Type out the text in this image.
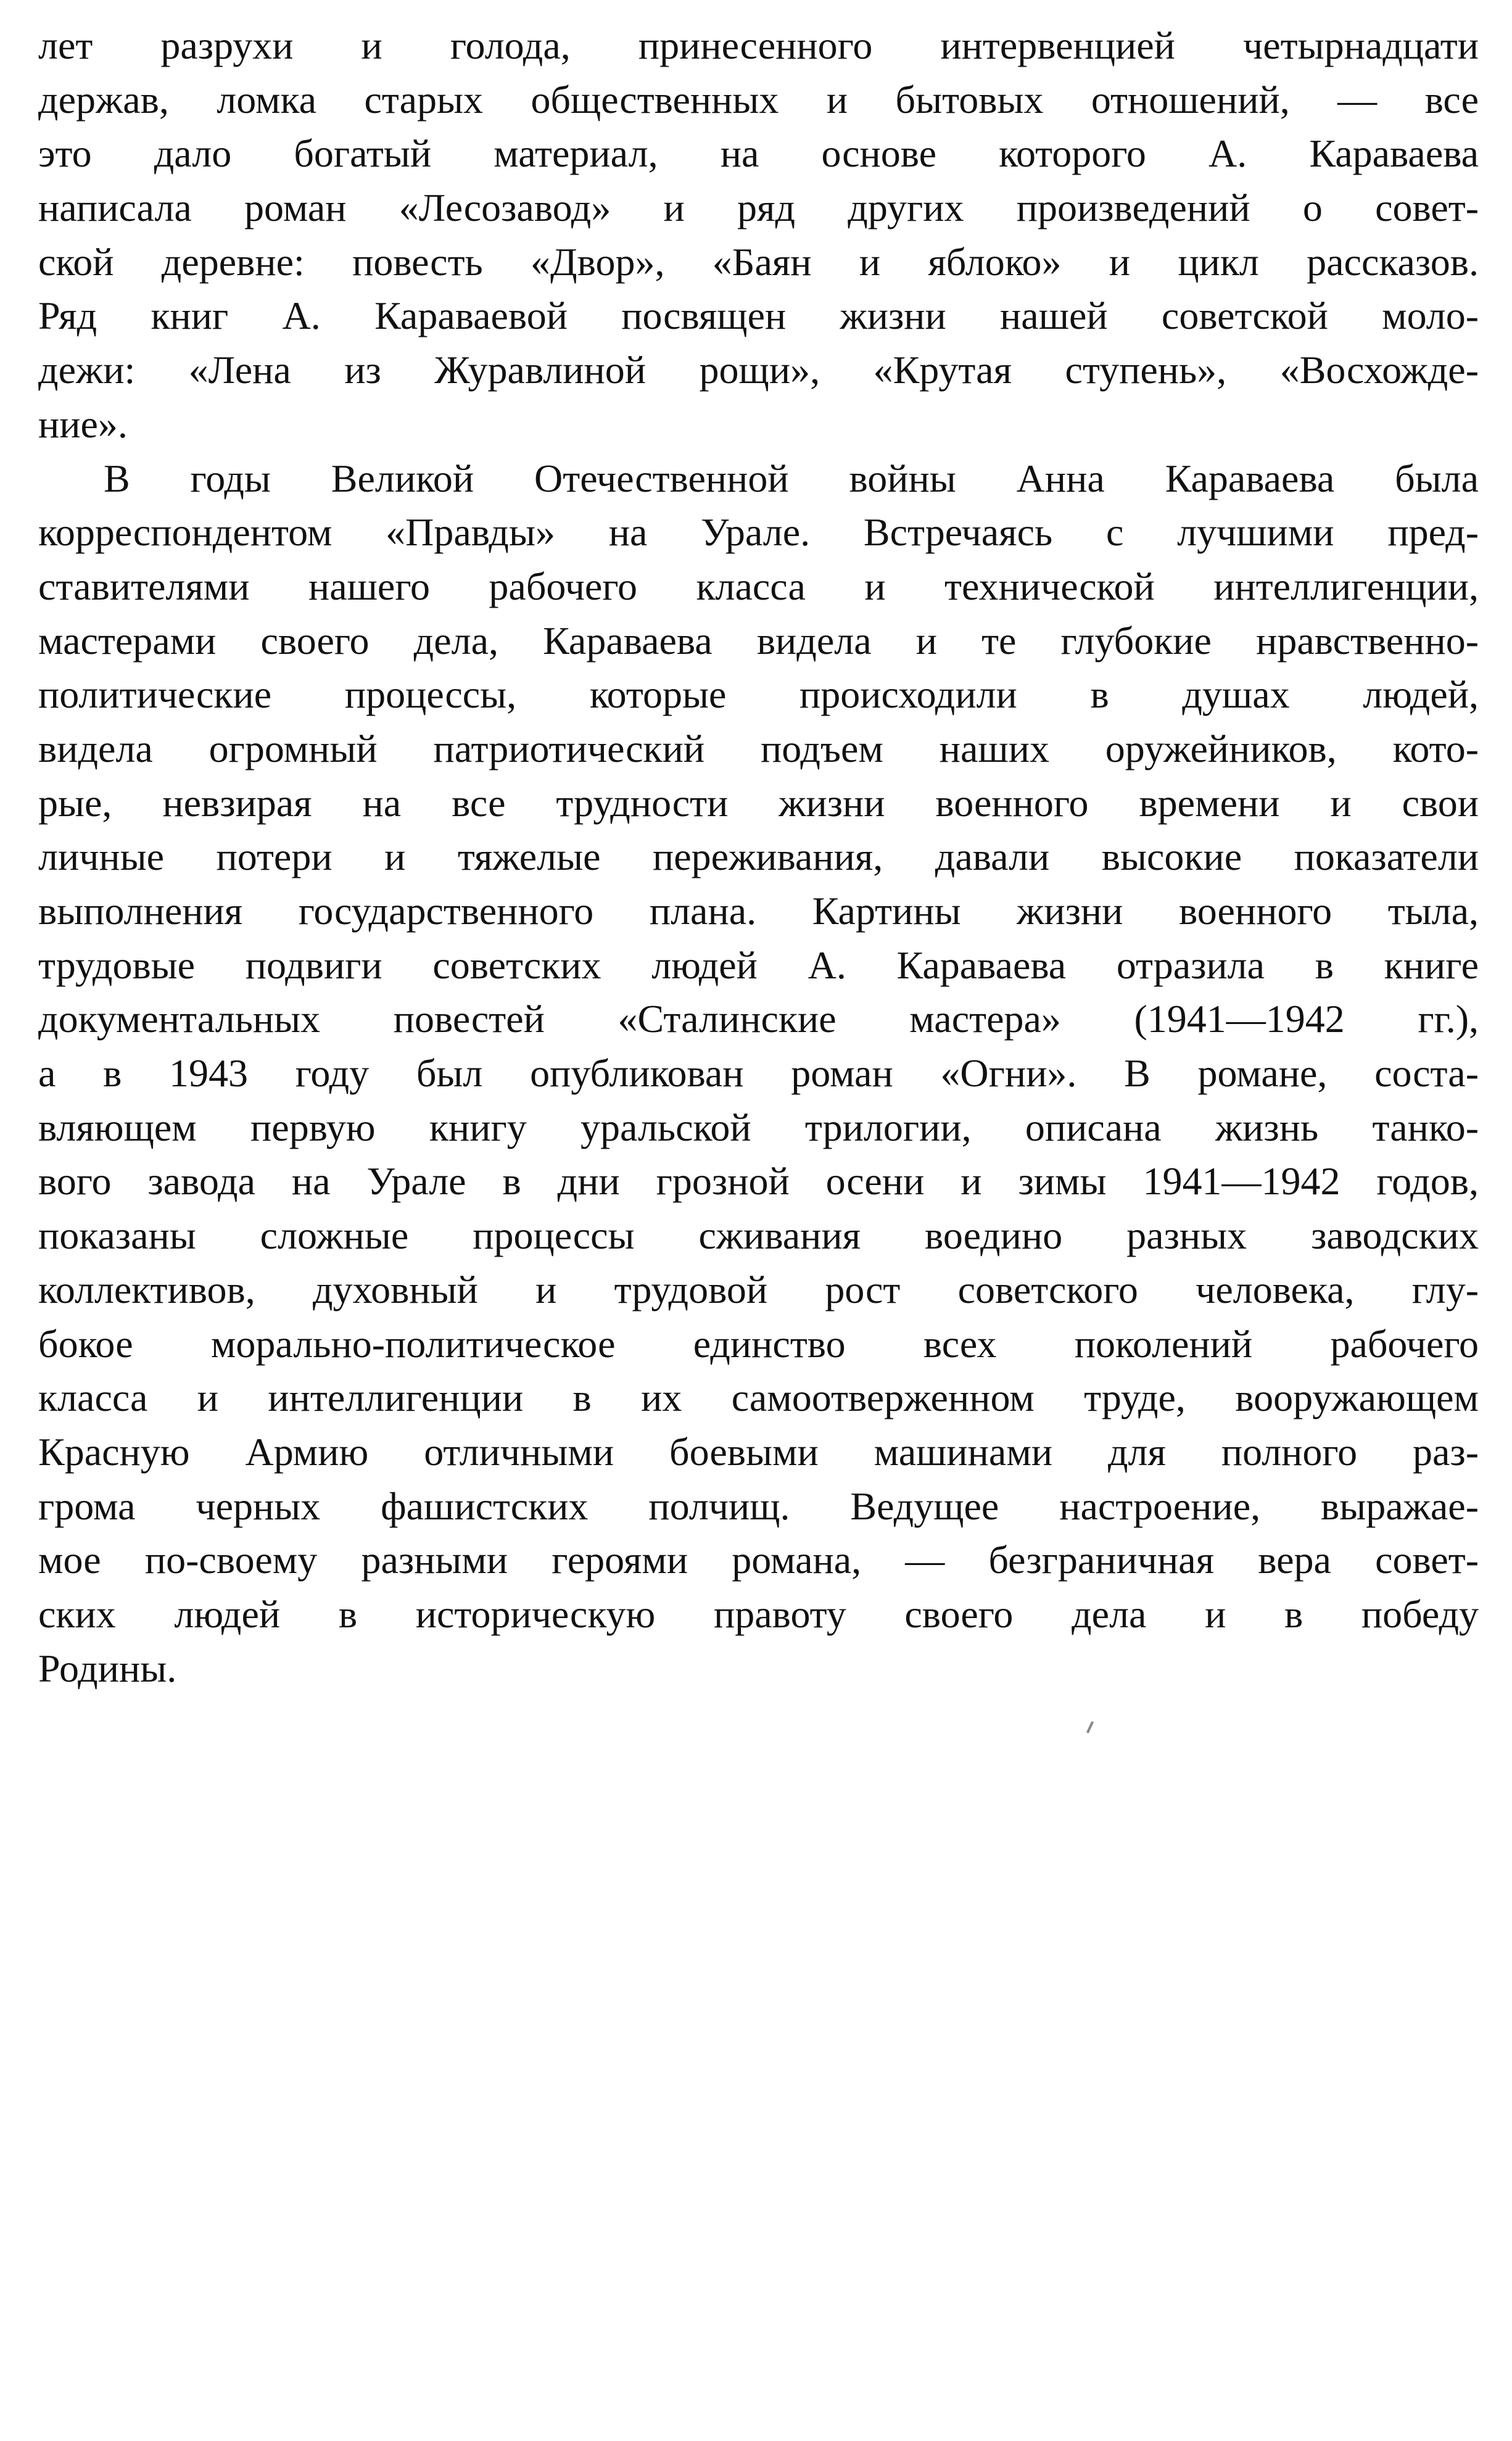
лет разрухи и голода, принесенного интервенцией четырнадцати
держав, ломка старых общественных и бытовых отношений, — все
это дало богатый материал, на основе которого А. Караваева
написала роман «Лесозавод» и ряд других произведений о совет-
ской деревне: повесть «Двор», «Баян и яблоко» и цикл рассказов.
Ряд книг А. Караваевой посвящен жизни нашей советской моло-
дежи: «Лена из Журавлиной рощи», «Крутая ступень», «Восхожде-
ние».
В годы Великой Отечественной войны Анна Караваева была
корреспондентом «Правды» на Урале. Встречаясь с лучшими пред-
ставителями нашего рабочего класса и технической интеллигенции,
мастерами своего дела, Караваева видела и те глубокие нравственно-
политические процессы, которые происходили в душах людей,
видела огромный патриотический подъем наших оружейников, кото-
рые, невзирая на все трудности жизни военного времени и свои
личные потери и тяжелые переживания, давали высокие показатели
выполнения государственного плана. Картины жизни военного тыла,
трудовые подвиги советских людей А. Караваева отразила в книге
документальных повестей «Сталинские мастера» (1941—1942 гг.),
а в 1943 году был опубликован роман «Огни». В романе, соста-
вляющем первую книгу уральской трилогии, описана жизнь танко-
вого завода на Урале в дни грозной осени и зимы 1941—1942 годов,
показаны сложные процессы сживания воедино разных заводских
коллективов, духовный и трудовой рост советского человека, глу-
бокое морально-политическое единство всех поколений рабочего
класса и интеллигенции в их самоотверженном труде, вооружающем
Красную Армию отличными боевыми машинами для полного раз-
грома черных фашистских полчищ. Ведущее настроение, выражае-
мое по-своему разными героями романа, — безграничная вера совет-
ских людей в историческую правоту своего дела и в победу
Родины.
